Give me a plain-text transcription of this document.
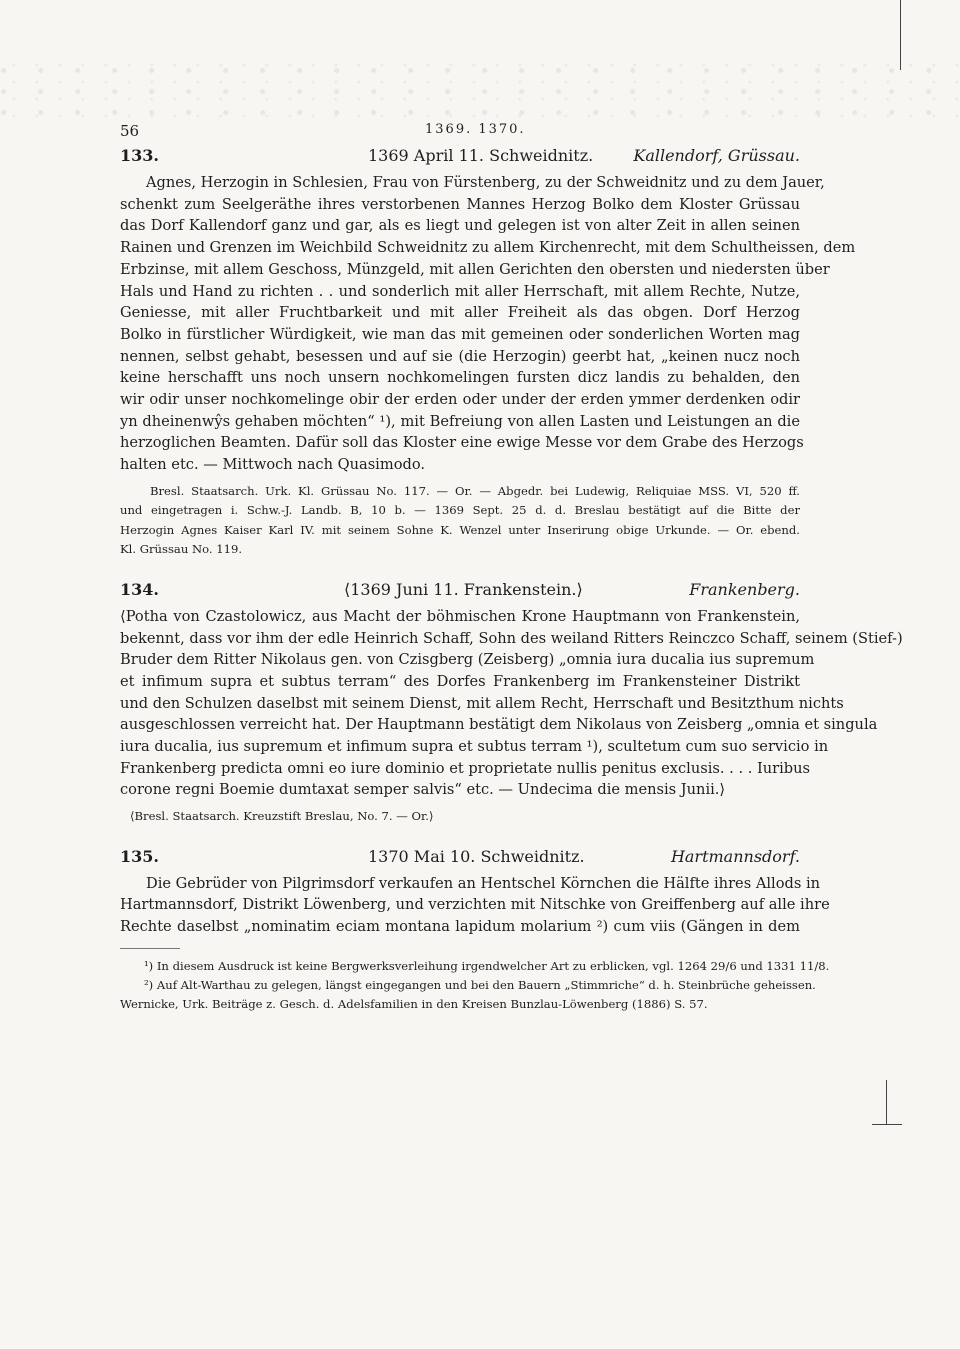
56	1369. 1370.
133.	1369 April 11. Schweidnitz.	Kallendorf, Grüssau.
Agnes, Herzogin in Schlesien, Frau von Fürstenberg, zu der Schweidnitz und zu dem Jauer,
schenkt zum Seelgeräthe ihres verstorbenen Mannes Herzog Bolko dem Kloster Grüssau
das Dorf Kallendorf ganz und gar, als es liegt und gelegen ist von alter Zeit in allen seinen
Rainen und Grenzen im Weichbild Schweidnitz zu allem Kirchenrecht, mit dem Schultheissen, dem
Erbzinse, mit allem Geschoss, Münzgeld, mit allen Gerichten den obersten und niedersten über
Hals und Hand zu richten . . und sonderlich mit aller Herrschaft, mit allem Rechte, Nutze,
Geniesse, mit aller Fruchtbarkeit und mit aller Freiheit als das obgen. Dorf Herzog
Bolko in fürstlicher Würdigkeit, wie man das mit gemeinen oder sonderlichen Worten mag
nennen, selbst gehabt, besessen und auf sie (die Herzogin) geerbt hat, „keinen nucz noch
keine herschafft uns noch unsern nochkomelingen fursten dicz landis zu behalden, den
wir odir unser nochkomelinge obir der erden oder under der erden ymmer derdenken odir
yn dheinenwŷs gehaben möchten“ ¹), mit Befreiung von allen Lasten und Leistungen an die
herzoglichen Beamten. Dafür soll das Kloster eine ewige Messe vor dem Grabe des Herzogs
halten etc. — Mittwoch nach Quasimodo.
Bresl. Staatsarch. Urk. Kl. Grüssau No. 117. — Or. — Abgedr. bei Ludewig, Reliquiae MSS. VI, 520 ff.
und eingetragen i. Schw.-J. Landb. B, 10 b. — 1369 Sept. 25 d. d. Breslau bestätigt auf die Bitte der
Herzogin Agnes Kaiser Karl IV. mit seinem Sohne K. Wenzel unter Inserirung obige Urkunde. — Or. ebend.
Kl. Grüssau No. 119.
134.	⟨1369 Juni 11. Frankenstein.⟩	Frankenberg.
⟨Potha von Czastolowicz, aus Macht der böhmischen Krone Hauptmann von Frankenstein,
bekennt, dass vor ihm der edle Heinrich Schaff, Sohn des weiland Ritters Reinczco Schaff, seinem (Stief-)
Bruder dem Ritter Nikolaus gen. von Czisgberg (Zeisberg) „omnia iura ducalia ius supremum
et infimum supra et subtus terram“ des Dorfes Frankenberg im Frankensteiner Distrikt
und den Schulzen daselbst mit seinem Dienst, mit allem Recht, Herrschaft und Besitzthum nichts
ausgeschlossen verreicht hat. Der Hauptmann bestätigt dem Nikolaus von Zeisberg „omnia et singula
iura ducalia, ius supremum et infimum supra et subtus terram ¹), scultetum cum suo servicio in
Frankenberg predicta omni eo iure dominio et proprietate nullis penitus exclusis. . . . Iuribus
corone regni Boemie dumtaxat semper salvis“ etc. — Undecima die mensis Junii.⟩
⟨Bresl. Staatsarch. Kreuzstift Breslau, No. 7. — Or.⟩
135.	1370 Mai 10. Schweidnitz.	Hartmannsdorf.
Die Gebrüder von Pilgrimsdorf verkaufen an Hentschel Körnchen die Hälfte ihres Allods in
Hartmannsdorf, Distrikt Löwenberg, und verzichten mit Nitschke von Greiffenberg auf alle ihre
Rechte daselbst „nominatim eciam montana lapidum molarium ²) cum viis (Gängen in dem
¹) In diesem Ausdruck ist keine Bergwerksverleihung irgendwelcher Art zu erblicken, vgl. 1264 29/6 und 1331 11/8.
²) Auf Alt-Warthau zu gelegen, längst eingegangen und bei den Bauern „Stimmriche“ d. h. Steinbrüche geheissen.
Wernicke, Urk. Beiträge z. Gesch. d. Adelsfamilien in den Kreisen Bunzlau-Löwenberg (1886) S. 57.
